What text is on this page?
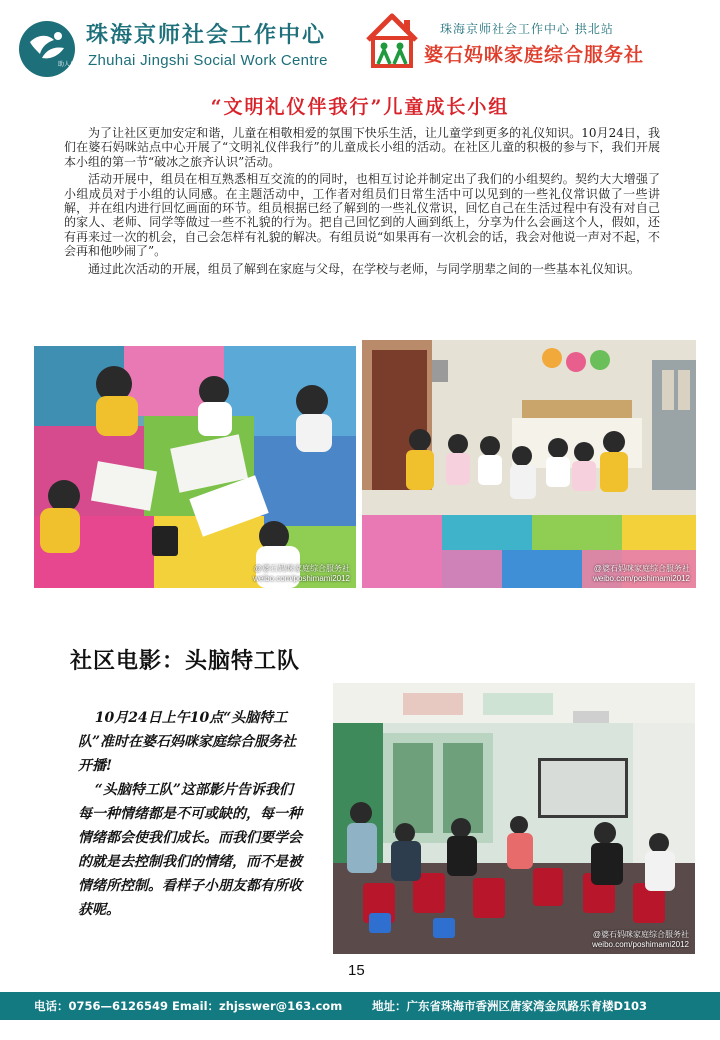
助人自助
珠海京师社会工作中心
Zhuhai Jingshi Social Work Centre
珠海京师社会工作中心 拱北站
婆石妈咪家庭综合服务社
“文明礼仪伴我行”儿童成长小组

为了让社区更加安定和谐，儿童在相敬相爱的氛围下快乐生活，让儿童学到更多的礼仪知识。10月24日，我们在婆石妈咪站点中心开展了“文明礼仪伴我行”的儿童成长小组的活动。在社区儿童的积极的参与下，我们开展本小组的第一节“破冰之旅齐认识”活动。

活动开展中，组员在相互熟悉相互交流的的同时，也相互讨论并制定出了我们的小组契约。契约大大增强了小组成员对于小组的认同感。在主题活动中，工作者对组员们日常生活中可以见到的一些礼仪常识做了一些讲解，并在组内进行回忆画面的环节。组员根据已经了解到的一些礼仪常识，回忆自己在生活过程中有没有对自己的家人、老师、同学等做过一些不礼貌的行为。把自己回忆到的人画到纸上，分享为什么会画这个人，假如，还有再来过一次的机会，自己会怎样有礼貌的解决。有组员说“如果再有一次机会的话，我会对他说一声对不起，不会再和他吵闹了”。

通过此次活动的开展，组员了解到在家庭与父母，在学校与老师，与同学朋辈之间的一些基本礼仪知识。

@婆石妈咪家庭综合服务社
weibo.com/poshimami2012
@婆石妈咪家庭综合服务社
weibo.com/poshimami2012
社区电影：头脑特工队

10月24日上午10点“头脑特工队”准时在婆石妈咪家庭综合服务社开播!

“头脑特工队”这部影片告诉我们每一种情绪都是不可或缺的，每一种情绪都会使我们成长。而我们要学会的就是去控制我们的情绪，而不是被情绪所控制。看样子小朋友都有所收获呢。

@婆石妈咪家庭综合服务社
weibo.com/poshimami2012
15
电话：0756—6126549 Email：zhjsswer@163.com	地址：广东省珠海市香洲区唐家湾金凤路乐育楼D103
